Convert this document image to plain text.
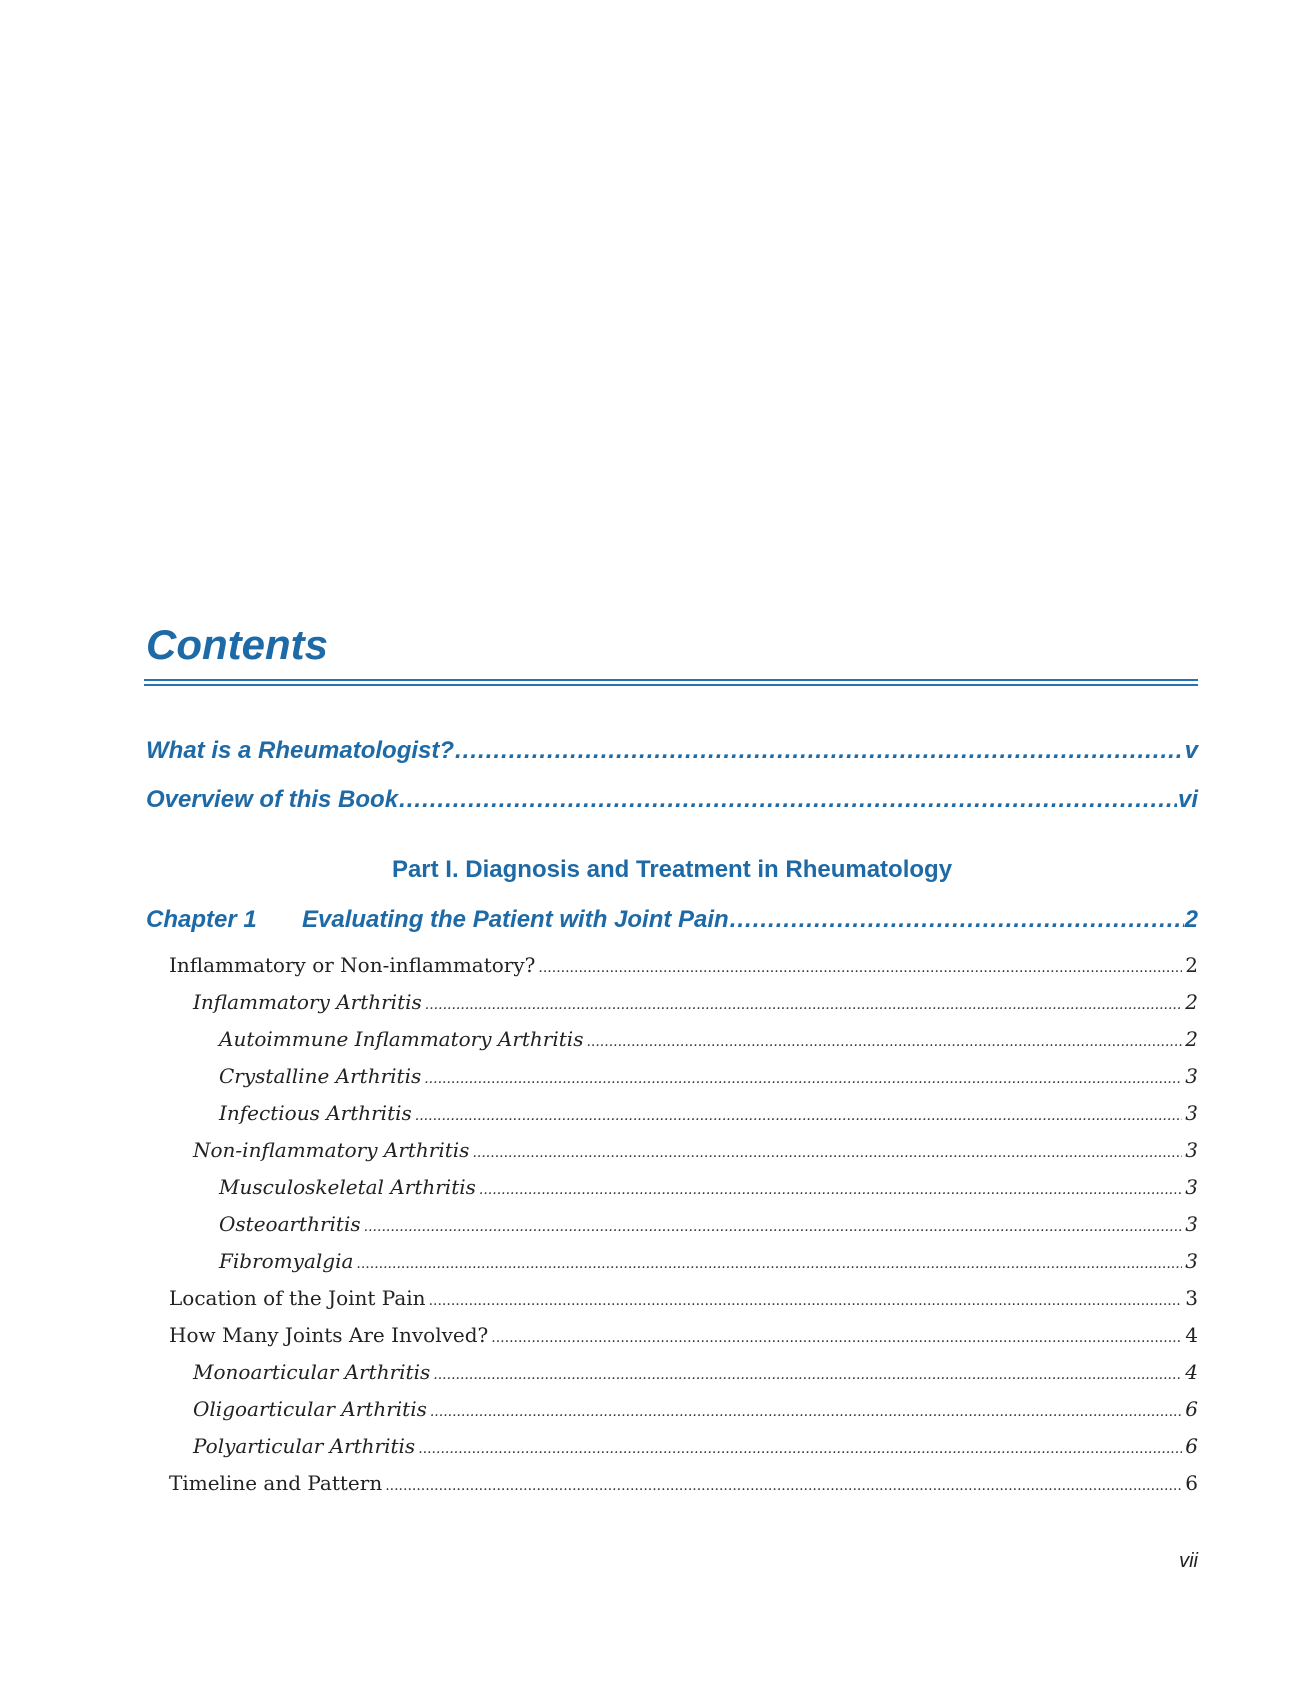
Contents
What is a Rheumatologist? .....	v
Overview of this Book .....	vi
Part I. Diagnosis and Treatment in Rheumatology
Chapter 1	Evaluating the Patient with Joint Pain .....	2
Inflammatory or Non-inflammatory? .....	2
Inflammatory Arthritis .....	2
Autoimmune Inflammatory Arthritis .....	2
Crystalline Arthritis .....	3
Infectious Arthritis .....	3
Non-inflammatory Arthritis .....	3
Musculoskeletal Arthritis .....	3
Osteoarthritis .....	3
Fibromyalgia .....	3
Location of the Joint Pain .....	3
How Many Joints Are Involved? .....	4
Monoarticular Arthritis .....	4
Oligoarticular Arthritis .....	6
Polyarticular Arthritis .....	6
Timeline and Pattern .....	6
vii
